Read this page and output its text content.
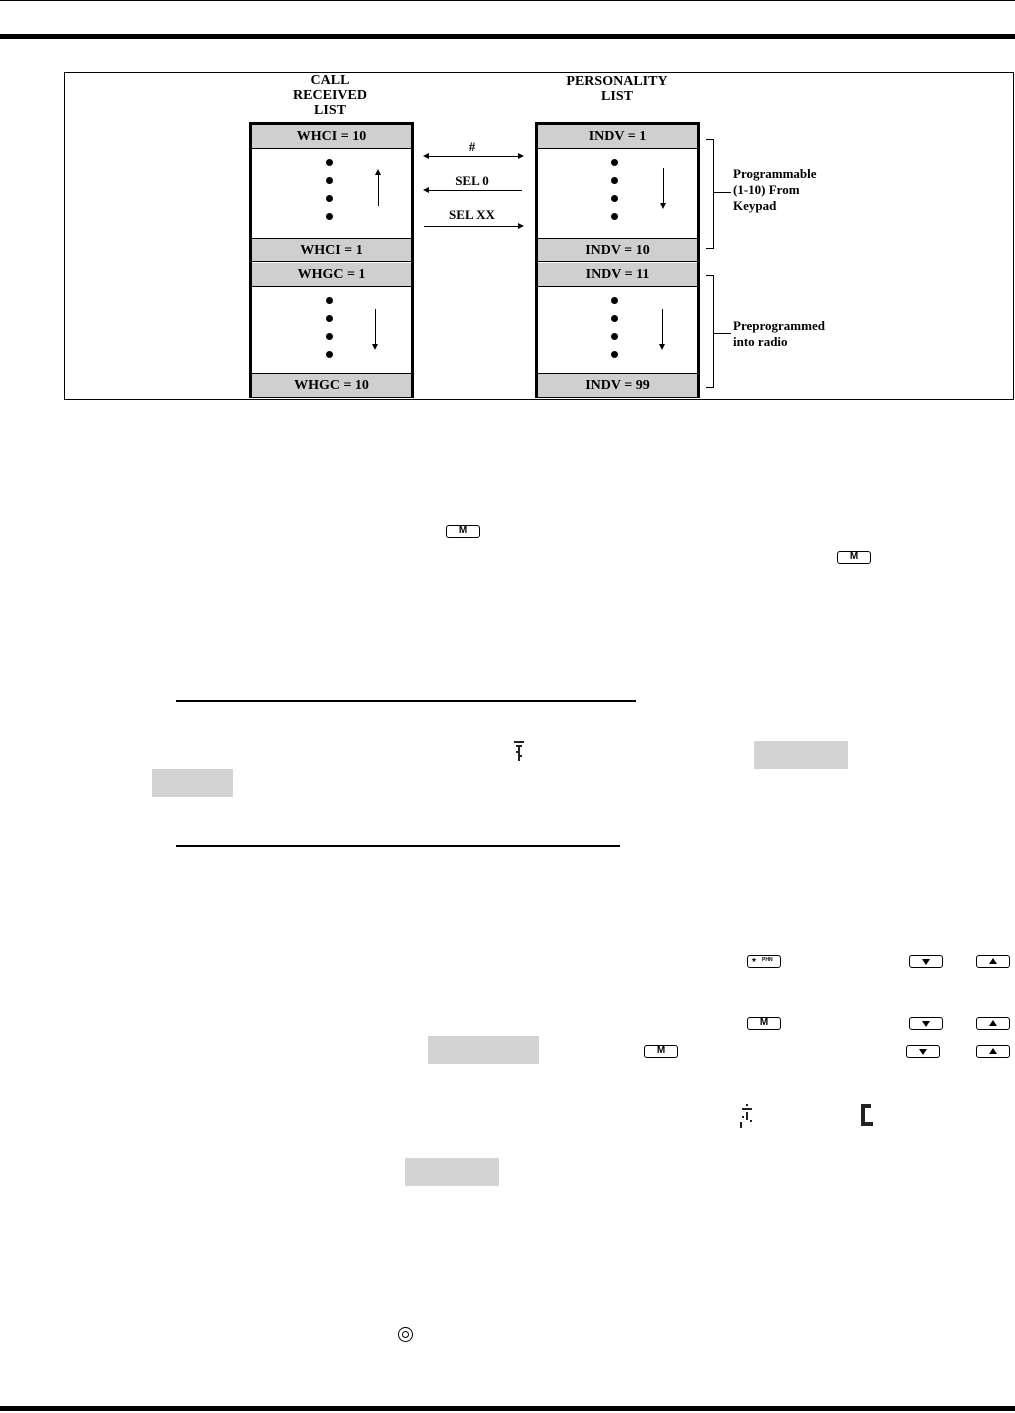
CALL
RECEIVED
LIST
PERSONALITY
LIST
WHCI = 10
WHCI = 1
WHGC = 1
WHGC = 10
INDV = 1
INDV = 10
INDV = 11
INDV = 99
#
SEL 0
SEL XX
Programmable
(1-10) From
Keypad
Preprogrammed
into radio
M
M
* PHN
M
M
